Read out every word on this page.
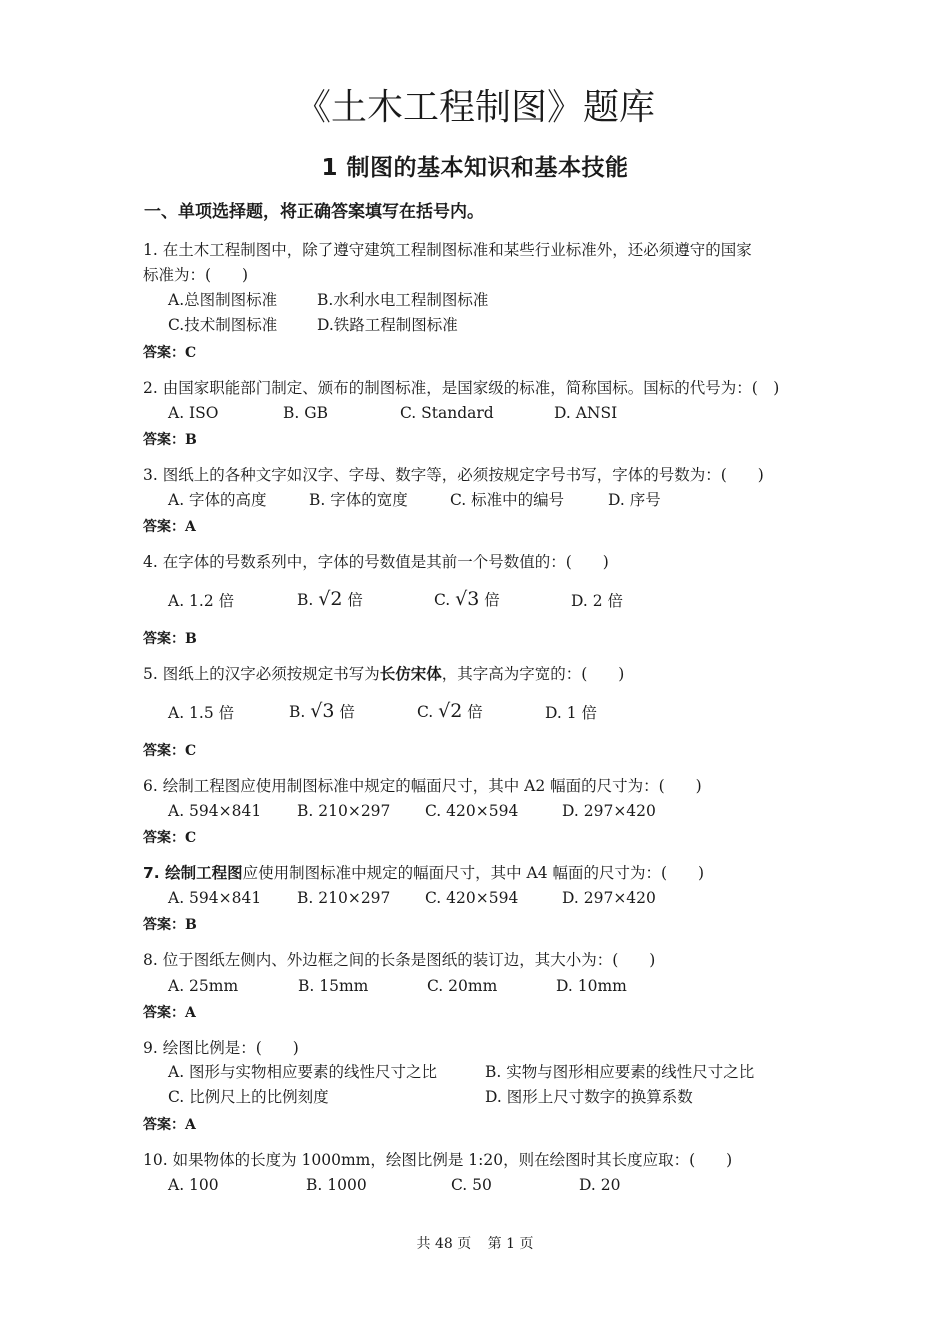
《土木工程制图》题库
1 制图的基本知识和基本技能
一、单项选择题，将正确答案填写在括号内。
1. 在土木工程制图中，除了遵守建筑工程制图标准和某些行业标准外，还必须遵守的国家
标准为：(　　)
A.总图制图标准	B.水利水电工程制图标准
C.技术制图标准	D.铁路工程制图标准
答案：C
2. 由国家职能部门制定、颁布的制图标准，是国家级的标准，简称国标。国标的代号为：(　)
A. ISO	B. GB	C. Standard	D. ANSI
答案：B
3. 图纸上的各种文字如汉字、字母、数字等，必须按规定字号书写，字体的号数为：(　　)
A. 字体的高度	B. 字体的宽度	C. 标准中的编号	D. 序号
答案：A
4. 在字体的号数系列中，字体的号数值是其前一个号数值的：(　　)
A. 1.2 倍	B. √2 倍	C. √3 倍	D. 2 倍
答案：B
5. 图纸上的汉字必须按规定书写为长仿宋体，其字高为字宽的：(　　)
A. 1.5 倍	B. √3 倍	C. √2 倍	D. 1 倍
答案：C
6. 绘制工程图应使用制图标准中规定的幅面尺寸，其中 A2 幅面的尺寸为：(　　)
A. 594×841 B. 210×297 C. 420×594	D. 297×420
答案：C
7. 绘制工程图应使用制图标准中规定的幅面尺寸，其中 A4 幅面的尺寸为：(　　)
A. 594×841 B. 210×297 C. 420×594	D. 297×420
答案：B
8. 位于图纸左侧内、外边框之间的长条是图纸的装订边，其大小为：(　　)
A. 25mm	B. 15mm	C. 20mm	D. 10mm
答案：A
9. 绘图比例是：(　　)
A. 图形与实物相应要素的线性尺寸之比	B. 实物与图形相应要素的线性尺寸之比
C. 比例尺上的比例刻度	D. 图形上尺寸数字的换算系数
答案：A
10. 如果物体的长度为 1000mm，绘图比例是 1:20，则在绘图时其长度应取：(　　)
A. 100	B. 1000	C. 50	D. 20
共 48 页 第 1 页
